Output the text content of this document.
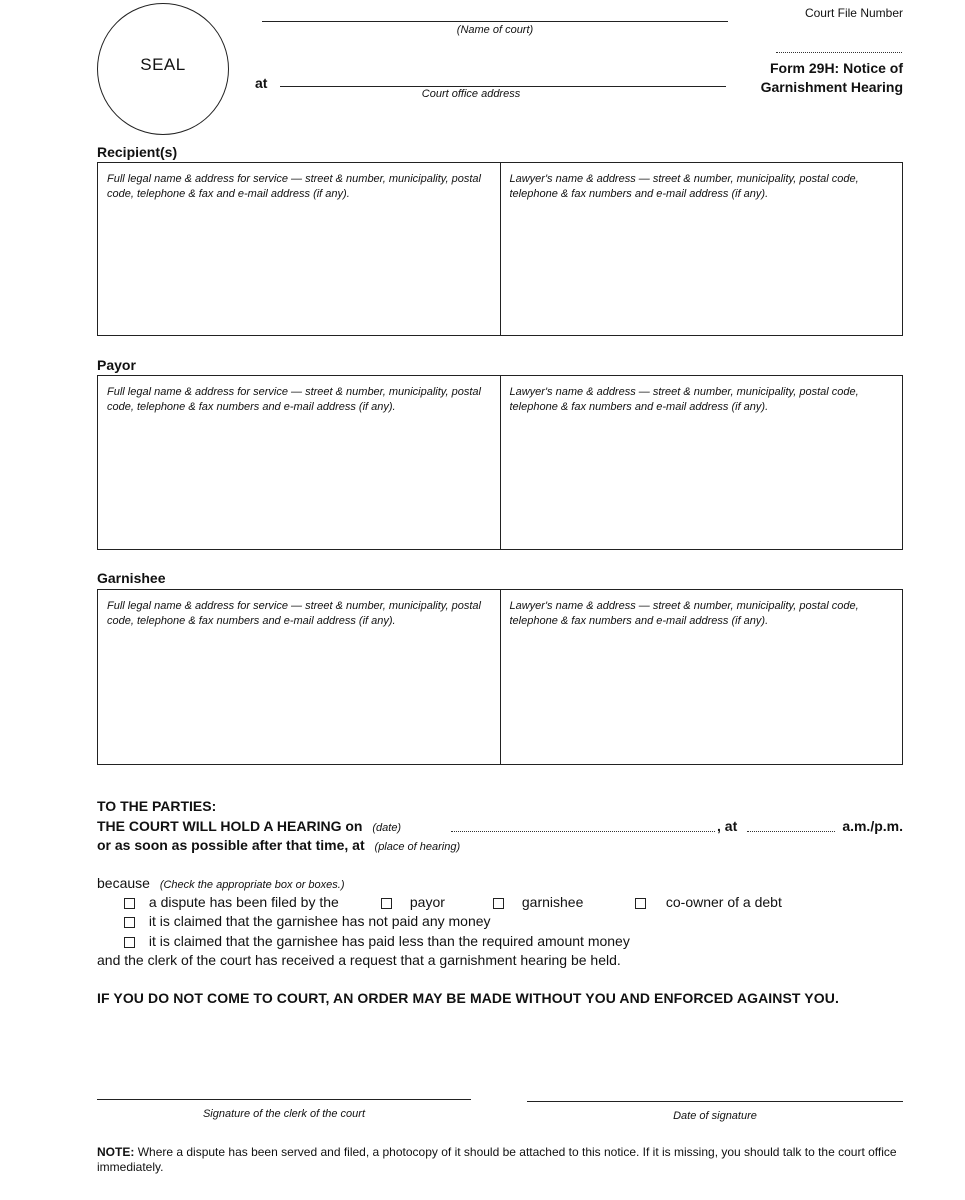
SEAL
(Name of court)
at
Court office address
Court File Number
Form 29H: Notice of
Garnishment Hearing
Recipient(s)
Full legal name & address for service — street & number, municipality, postal code, telephone & fax and e-mail address (if any).
Lawyer's name & address — street & number, municipality, postal code, telephone & fax numbers and e-mail address (if any).
Payor
Full legal name & address for service — street & number, municipality, postal code, telephone & fax numbers and e-mail address (if any).
Lawyer's name & address — street & number, municipality, postal code, telephone & fax numbers and e-mail address (if any).
Garnishee
Full legal name & address for service — street & number, municipality, postal code, telephone & fax numbers and e-mail address (if any).
Lawyer's name & address — street & number, municipality, postal code, telephone & fax numbers and e-mail address (if any).
TO THE PARTIES:
THE COURT WILL HOLD A HEARING on (date)	, at	a.m./p.m.
or as soon as possible after that time, at (place of hearing)
because (Check the appropriate box or boxes.)
a dispute has been filed by the	payor	garnishee	co-owner of a debt
it is claimed that the garnishee has not paid any money
it is claimed that the garnishee has paid less than the required amount money
and the clerk of the court has received a request that a garnishment hearing be held.
IF YOU DO NOT COME TO COURT, AN ORDER MAY BE MADE WITHOUT YOU AND ENFORCED AGAINST YOU.
Signature of the clerk of the court	Date of signature
NOTE: Where a dispute has been served and filed, a photocopy of it should be attached to this notice. If it is missing, you should talk to the court office immediately.
